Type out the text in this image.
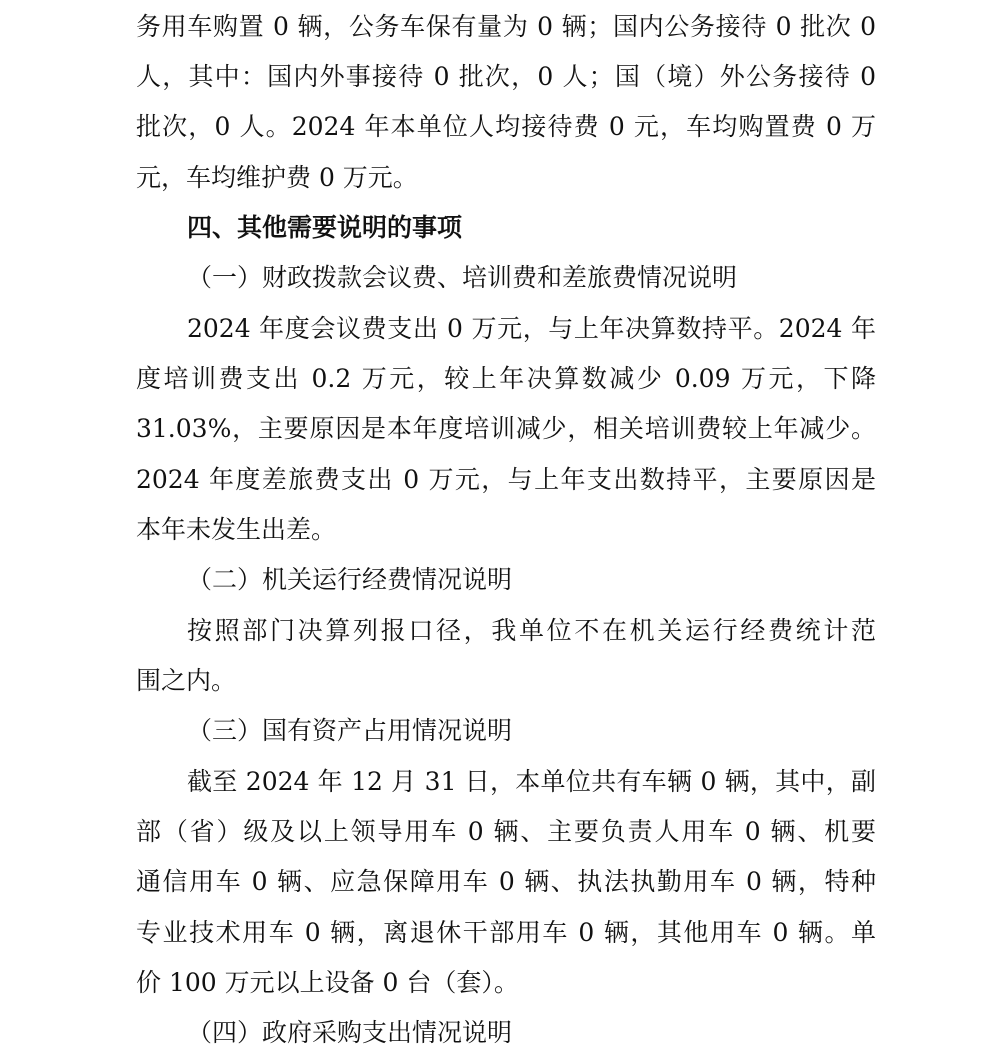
务用车购置 0 辆，公务车保有量为 0 辆；国内公务接待 0 批次 0
人，其中：国内外事接待 0 批次，0 人；国（境）外公务接待 0
批次，0 人。2024 年本单位人均接待费 0 元，车均购置费 0 万
元，车均维护费 0 万元。
四、其他需要说明的事项
（一）财政拨款会议费、培训费和差旅费情况说明
2024 年度会议费支出 0 万元，与上年决算数持平。2024 年
度培训费支出 0.2 万元，较上年决算数减少 0.09 万元，下降
31.03%，主要原因是本年度培训减少，相关培训费较上年减少。
2024 年度差旅费支出 0 万元，与上年支出数持平，主要原因是
本年未发生出差。
（二）机关运行经费情况说明
按照部门决算列报口径，我单位不在机关运行经费统计范
围之内。
（三）国有资产占用情况说明
截至 2024 年 12 月 31 日，本单位共有车辆 0 辆，其中，副
部（省）级及以上领导用车 0 辆、主要负责人用车 0 辆、机要
通信用车 0 辆、应急保障用车 0 辆、执法执勤用车 0 辆，特种
专业技术用车 0 辆，离退休干部用车 0 辆，其他用车 0 辆。单
价 100 万元以上设备 0 台（套）。
（四）政府采购支出情况说明
